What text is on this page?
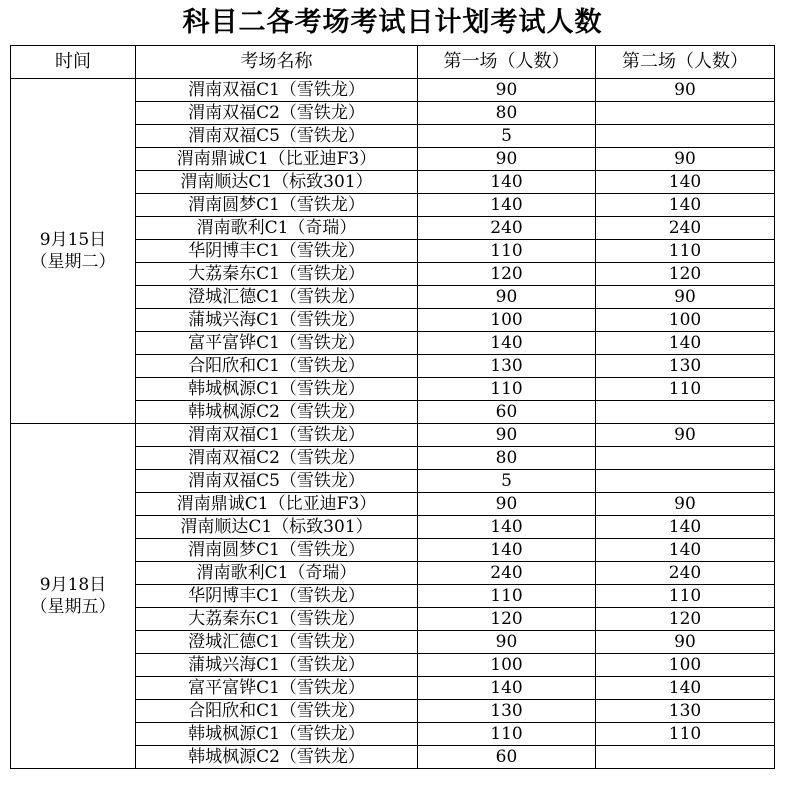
科目二各考场考试日计划考试人数
时间	考场名称	第一场（人数）	第二场（人数）

9月15日
（星期二）	渭南双福C1（雪铁龙）	90	90
	渭南双福C2（雪铁龙）	80	
	渭南双福C5（雪铁龙）	5	
	渭南鼎诚C1（比亚迪F3）	90	90
	渭南顺达C1（标致301）	140	140
	渭南圆梦C1（雪铁龙）	140	140
	渭南歌利C1（奇瑞）	240	240
	华阴博丰C1（雪铁龙）	110	110
	大荔秦东C1（雪铁龙）	120	120
	澄城汇德C1（雪铁龙）	90	90
	蒲城兴海C1（雪铁龙）	100	100
	富平富铧C1（雪铁龙）	140	140
	合阳欣和C1（雪铁龙）	130	130
	韩城枫源C1（雪铁龙）	110	110
	韩城枫源C2（雪铁龙）	60	

9月18日
（星期五）	渭南双福C1（雪铁龙）	90	90
	渭南双福C2（雪铁龙）	80	
	渭南双福C5（雪铁龙）	5	
	渭南鼎诚C1（比亚迪F3）	90	90
	渭南顺达C1（标致301）	140	140
	渭南圆梦C1（雪铁龙）	140	140
	渭南歌利C1（奇瑞）	240	240
	华阴博丰C1（雪铁龙）	110	110
	大荔秦东C1（雪铁龙）	120	120
	澄城汇德C1（雪铁龙）	90	90
	蒲城兴海C1（雪铁龙）	100	100
	富平富铧C1（雪铁龙）	140	140
	合阳欣和C1（雪铁龙）	130	130
	韩城枫源C1（雪铁龙）	110	110
	韩城枫源C2（雪铁龙）	60	
